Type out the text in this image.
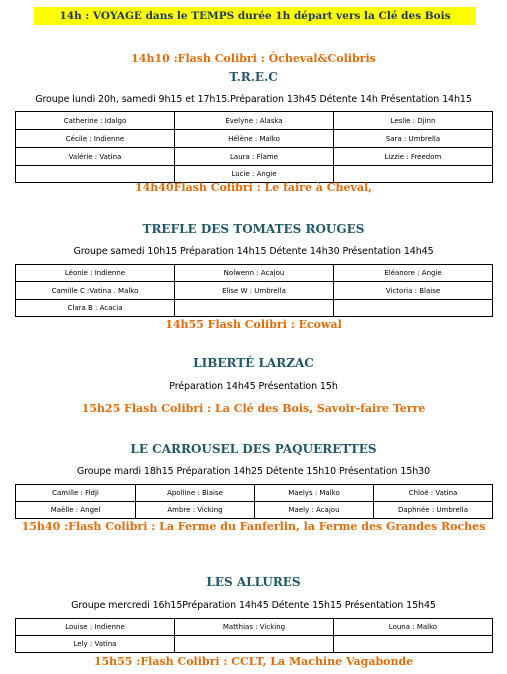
14h : VOYAGE dans le TEMPS durée 1h départ vers la Clé des Bois
14h10 :Flash Colibri : Ôcheval&Colibris
T.R.E.C
Groupe lundi 20h, samedi 9h15 et 17h15.Préparation 13h45 Détente 14h Présentation 14h15
Catherine : Idalgo	Evelyne : Alaska	Leslie : Djinn
Cécile : Indienne	Hélène : Malko	Sara : Umbrella
Valérie : Vatina	Laura : Flame	Lizzie : Freedom
	Lucie : Angie	
14h40Flash Colibri : Le faire à Cheval,
TREFLE DES TOMATES ROUGES
Groupe samedi 10h15 Préparation 14h15 Détente 14h30 Présentation 14h45
Léonie : Indienne	Nolwenn : Acajou	Eléanore : Angie
Camille C :Vatina . Malko	Elise W : Umbrella	Victoria : Blaise
Clara B : Acacia		
14h55 Flash Colibri : Ecowal
LIBERTÉ LARZAC
Préparation 14h45 Présentation 15h
15h25 Flash Colibri : La Clé des Bois, Savoir-faire Terre
LE CARROUSEL DES PAQUERETTES
Groupe mardi 18h15 Préparation 14h25 Détente 15h10 Présentation 15h30
Camille : Fidji	Apolline : Blaise	Maelys : Malko	Chloé : Vatina
Maëlle : Angel	Ambre : Vicking	Maely : Acajou	Daphnée : Umbrella
15h40 :Flash Colibri : La Ferme du Fanferlin, la Ferme des Grandes Roches
LES ALLURES
Groupe mercredi 16h15Préparation 14h45 Détente 15h15 Présentation 15h45
Louise : Indienne	Matthias : Vicking	Louna : Malko
Lely : Vatina		
15h55 :Flash Colibri : CCLT, La Machine Vagabonde
